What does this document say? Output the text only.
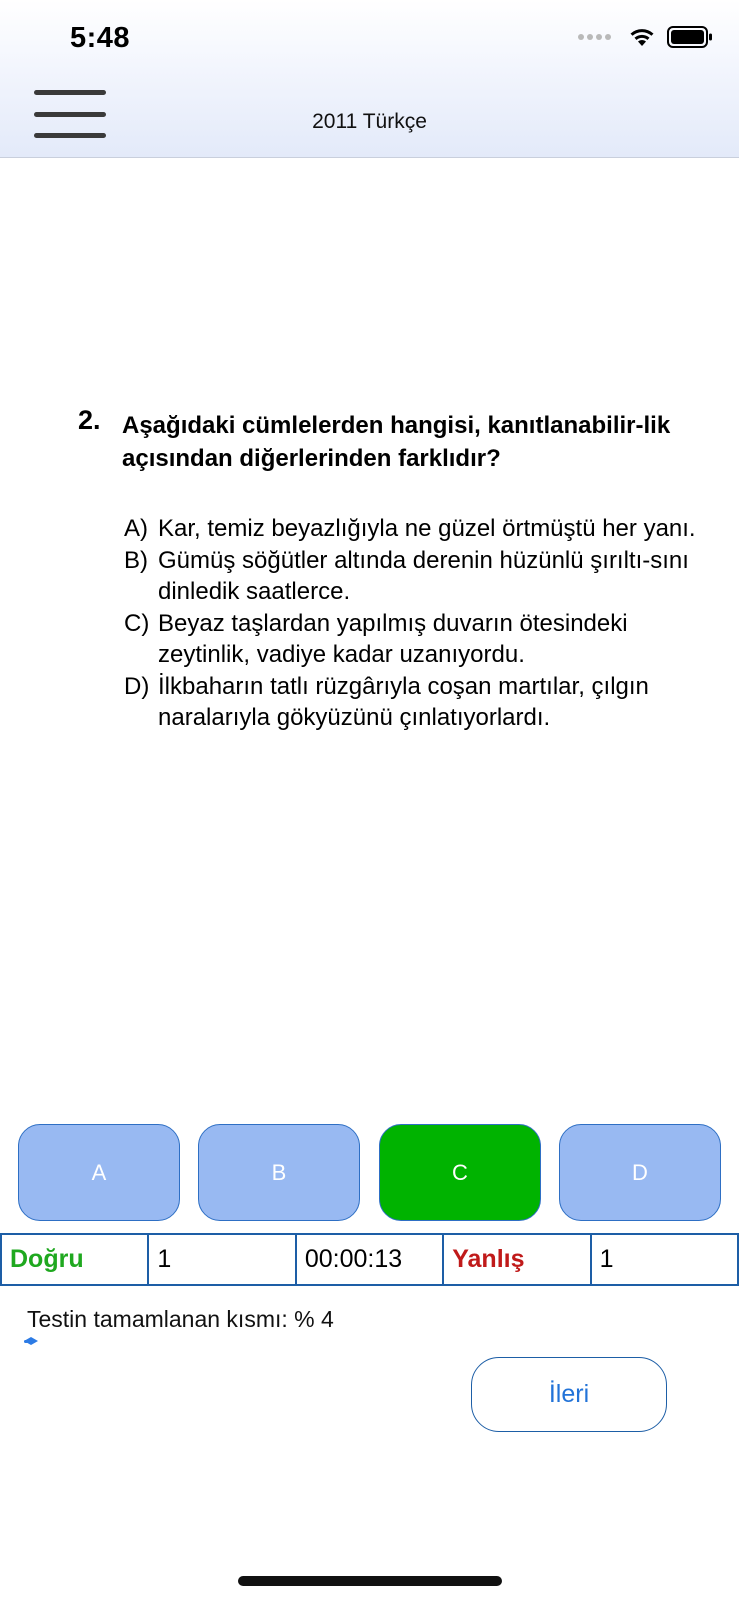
5:48
2011 Türkçe
2. Aşağıdaki cümlelerden hangisi, kanıtlanabilir-lik açısından diğerlerinden farklıdır?
A) Kar, temiz beyazlığıyla ne güzel örtmüştü her yanı.
B) Gümüş söğütler altında derenin hüzünlü şırıltı-sını dinledik saatlerce.
C) Beyaz taşlardan yapılmış duvarın ötesindeki zeytinlik, vadiye kadar uzanıyordu.
D) İlkbaharın tatlı rüzgârıyla coşan martılar, çılgın naralarıyla gökyüzünü çınlatıyorlardı.
A	B	C	D
Doğru	1	00:00:13	Yanlış	1
Testin tamamlanan kısmı: % 4
İleri
